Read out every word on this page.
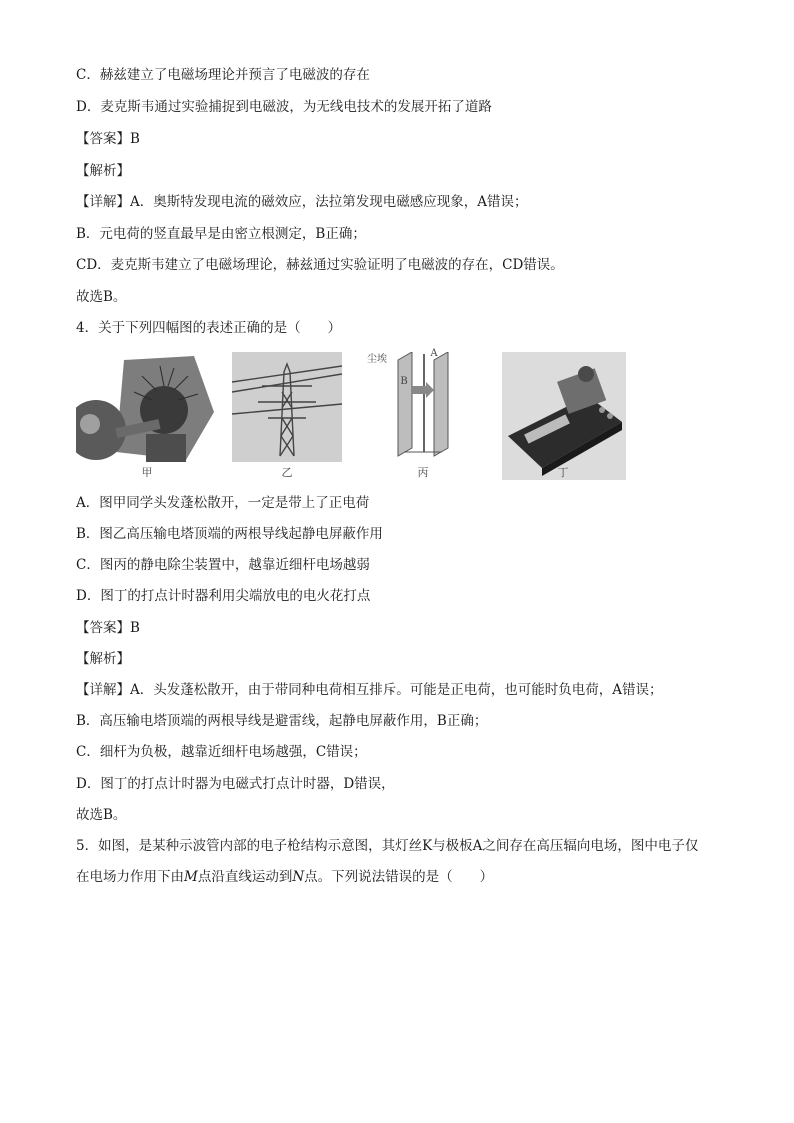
C．赫兹建立了电磁场理论并预言了电磁波的存在
D．麦克斯韦通过实验捕捉到电磁波，为无线电技术的发展开拓了道路
【答案】B
【解析】
【详解】A．奥斯特发现电流的磁效应，法拉第发现电磁感应现象，A错误；
B．元电荷的竖直最早是由密立根测定，B正确；
CD．麦克斯韦建立了电磁场理论，赫兹通过实验证明了电磁波的存在，CD错误。
故选B。
4．关于下列四幅图的表述正确的是（　　）
甲	乙
尘埃
A
B
丙	丁
A．图甲同学头发蓬松散开，一定是带上了正电荷
B．图乙高压输电塔顶端的两根导线起静电屏蔽作用
C．图丙的静电除尘装置中，越靠近细杆电场越弱
D．图丁的打点计时器利用尖端放电的电火花打点
【答案】B
【解析】
【详解】A．头发蓬松散开，由于带同种电荷相互排斥。可能是正电荷，也可能时负电荷，A错误；
B．高压输电塔顶端的两根导线是避雷线，起静电屏蔽作用，B正确；
C．细杆为负极，越靠近细杆电场越强，C错误；
D．图丁的打点计时器为电磁式打点计时器，D错误，
故选B。
5．如图，是某种示波管内部的电子枪结构示意图，其灯丝K与极板A之间存在高压辐向电场，图中电子仅
在电场力作用下由M点沿直线运动到N点。下列说法错误的是（　　）
